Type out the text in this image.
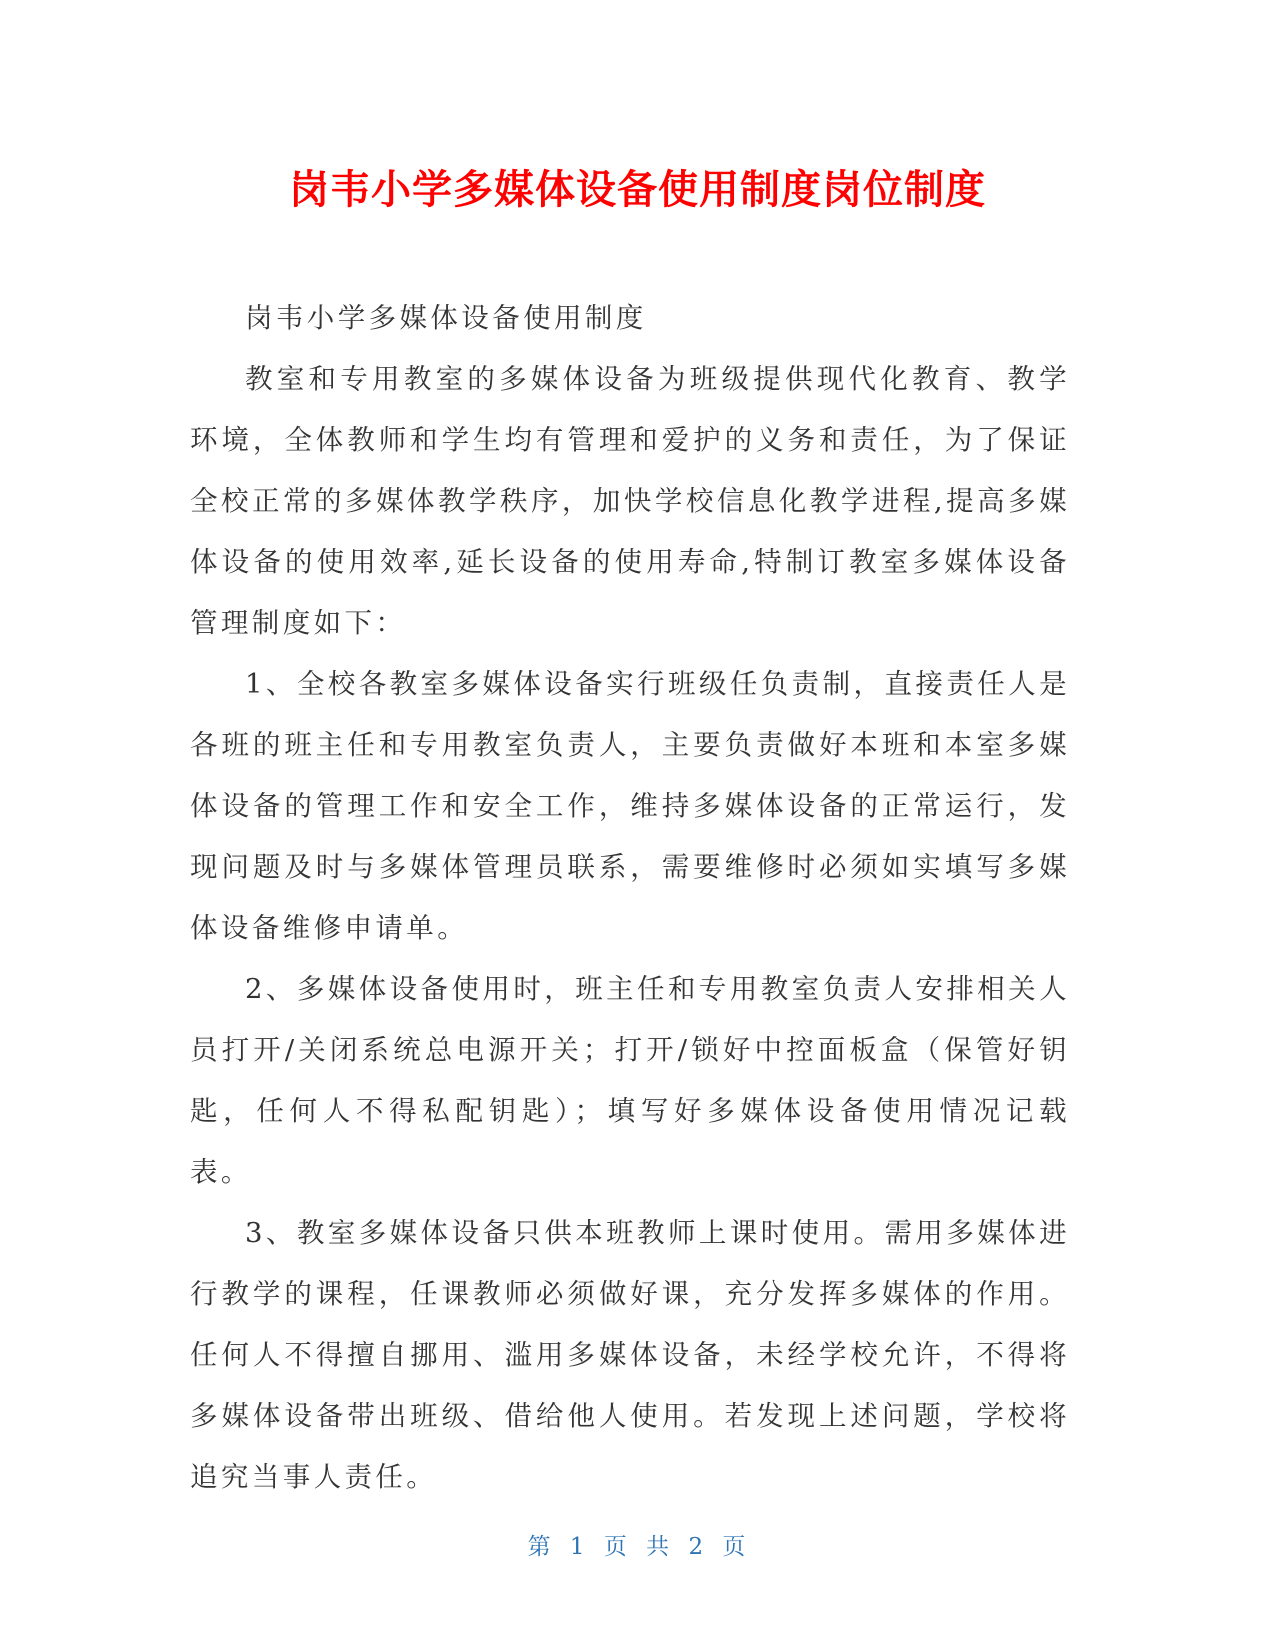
岗韦小学多媒体设备使用制度岗位制度

岗韦小学多媒体设备使用制度

教室和专用教室的多媒体设备为班级提供现代化教育、教学环境，全体教师和学生均有管理和爱护的义务和责任，为了保证全校正常的多媒体教学秩序，加快学校信息化教学进程,提高多媒体设备的使用效率,延长设备的使用寿命,特制订教室多媒体设备管理制度如下：

1、全校各教室多媒体设备实行班级任负责制，直接责任人是各班的班主任和专用教室负责人，主要负责做好本班和本室多媒体设备的管理工作和安全工作，维持多媒体设备的正常运行，发现问题及时与多媒体管理员联系，需要维修时必须如实填写多媒体设备维修申请单。

2、多媒体设备使用时，班主任和专用教室负责人安排相关人员打开/关闭系统总电源开关；打开/锁好中控面板盒（保管好钥匙，任何人不得私配钥匙）；填写好多媒体设备使用情况记载表。

3、教室多媒体设备只供本班教师上课时使用。需用多媒体进行教学的课程，任课教师必须做好课，充分发挥多媒体的作用。任何人不得擅自挪用、滥用多媒体设备，未经学校允许，不得将多媒体设备带出班级、借给他人使用。若发现上述问题，学校将追究当事人责任。

第 1 页 共 2 页
